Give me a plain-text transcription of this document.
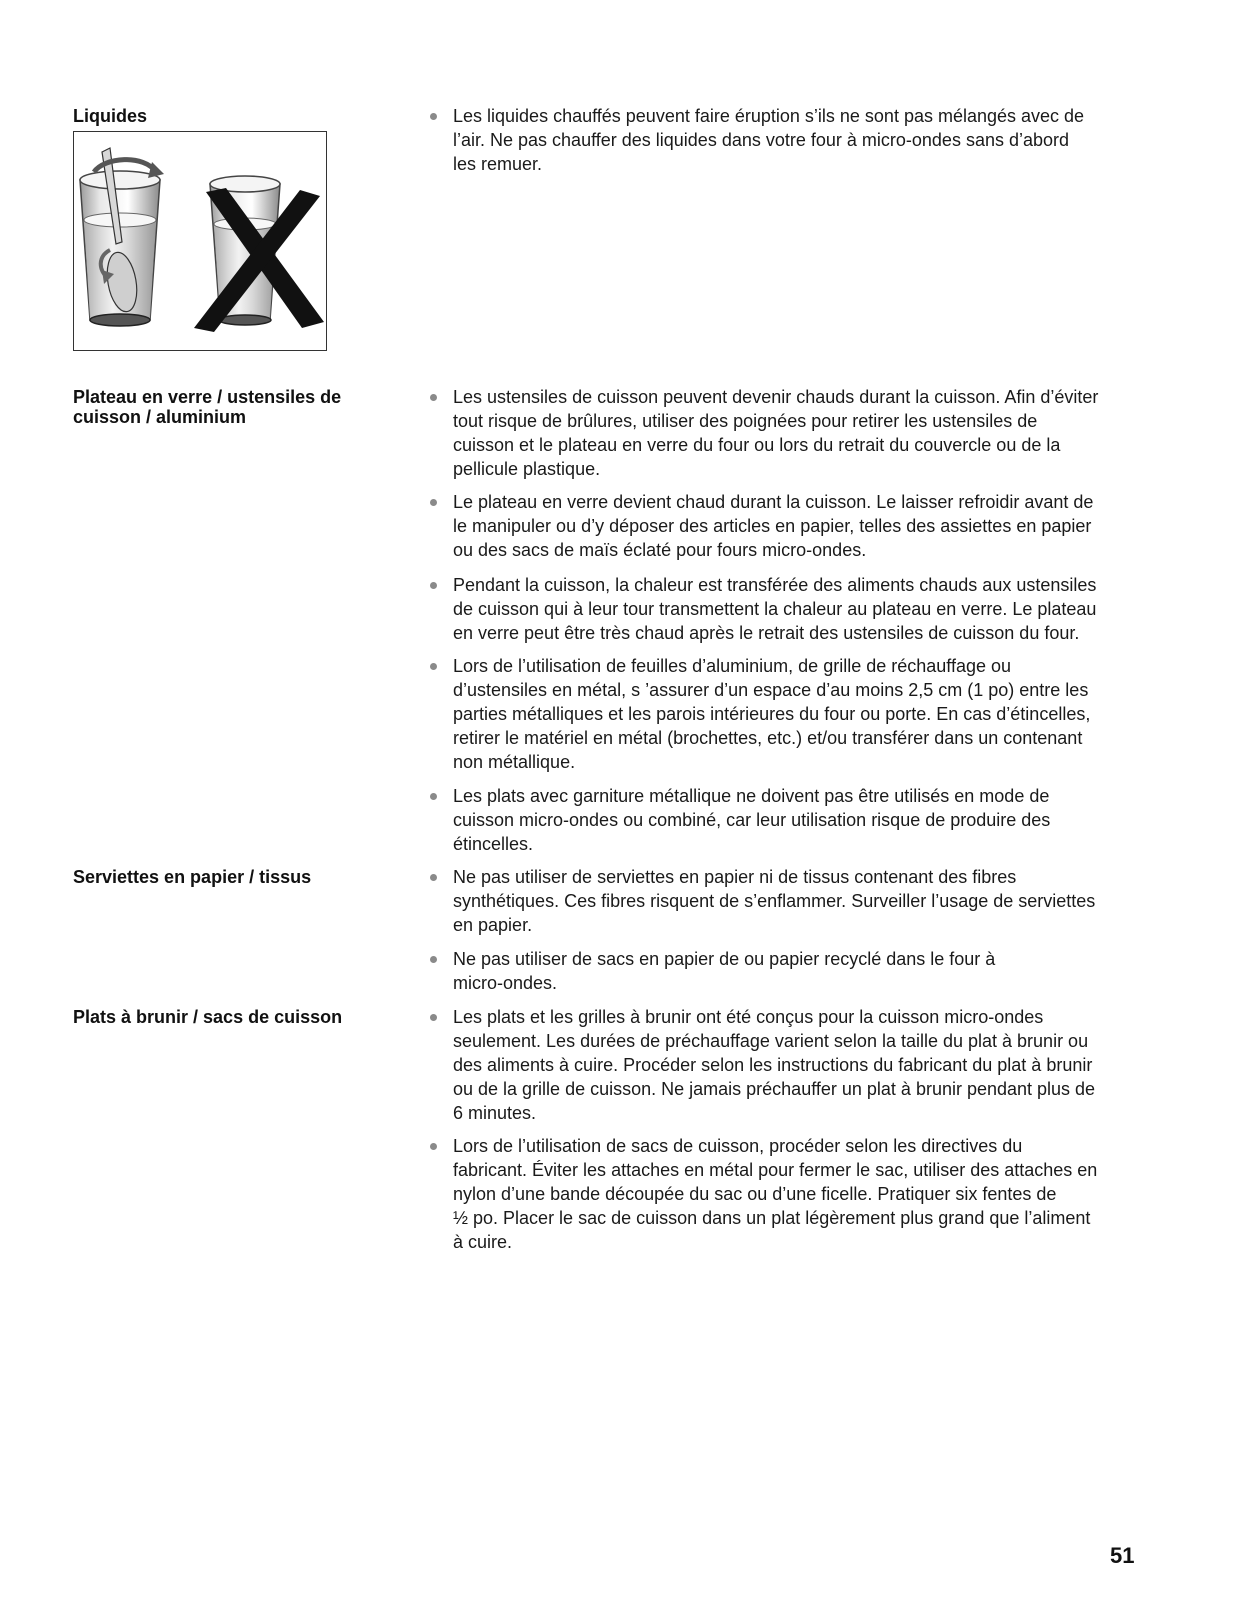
Liquides
Plateau en verre / ustensiles de
cuisson / aluminium
Serviettes en papier / tissus
Plats à brunir / sacs de cuisson
Les liquides chauffés peuvent faire éruption s’ils ne sont pas mélangés avec de
l’air. Ne pas chauffer des liquides dans votre four à micro-ondes sans d’abord
les remuer.
Les ustensiles de cuisson peuvent devenir chauds durant la cuisson. Afin d’éviter
tout risque de brûlures, utiliser des poignées pour retirer les ustensiles de
cuisson et le plateau en verre du four ou lors du retrait du couvercle ou de la
pellicule plastique.
Le plateau en verre devient chaud durant la cuisson. Le laisser refroidir avant de
le manipuler ou d’y déposer des articles en papier, telles des assiettes en papier
ou des sacs de maïs éclaté pour fours micro-ondes.
Pendant la cuisson, la chaleur est transférée des aliments chauds aux ustensiles
de cuisson qui à leur tour transmettent la chaleur au plateau en verre. Le plateau
en verre peut être très chaud après le retrait des ustensiles de cuisson du four.
Lors de l’utilisation de feuilles d’aluminium, de grille de réchauffage ou
d’ustensiles en métal, s ’assurer d’un espace d’au moins 2,5 cm (1 po) entre les
parties métalliques et les parois intérieures du four ou porte. En cas d’étincelles,
retirer le matériel en métal (brochettes, etc.) et/ou transférer dans un contenant
non métallique.
Les plats avec garniture métallique ne doivent pas être utilisés en mode de
cuisson micro-ondes ou combiné, car leur utilisation risque de produire des
étincelles.
Ne pas utiliser de serviettes en papier ni de tissus contenant des fibres
synthétiques. Ces fibres risquent de s’enflammer. Surveiller l’usage de serviettes
en papier.
Ne pas utiliser de sacs en papier de ou papier recyclé dans le four à
micro-ondes.
Les plats et les grilles à brunir ont été conçus pour la cuisson micro-ondes
seulement. Les durées de préchauffage varient selon la taille du plat à brunir ou
des aliments à cuire. Procéder selon les instructions du fabricant du plat à brunir
ou de la grille de cuisson. Ne jamais préchauffer un plat à brunir pendant plus de
6 minutes.
Lors de l’utilisation de sacs de cuisson, procéder selon les directives du
fabricant. Éviter les attaches en métal pour fermer le sac, utiliser des attaches en
nylon d’une bande découpée du sac ou d’une ficelle. Pratiquer six fentes de
½ po. Placer le sac de cuisson dans un plat légèrement plus grand que l’aliment
à cuire.
51
